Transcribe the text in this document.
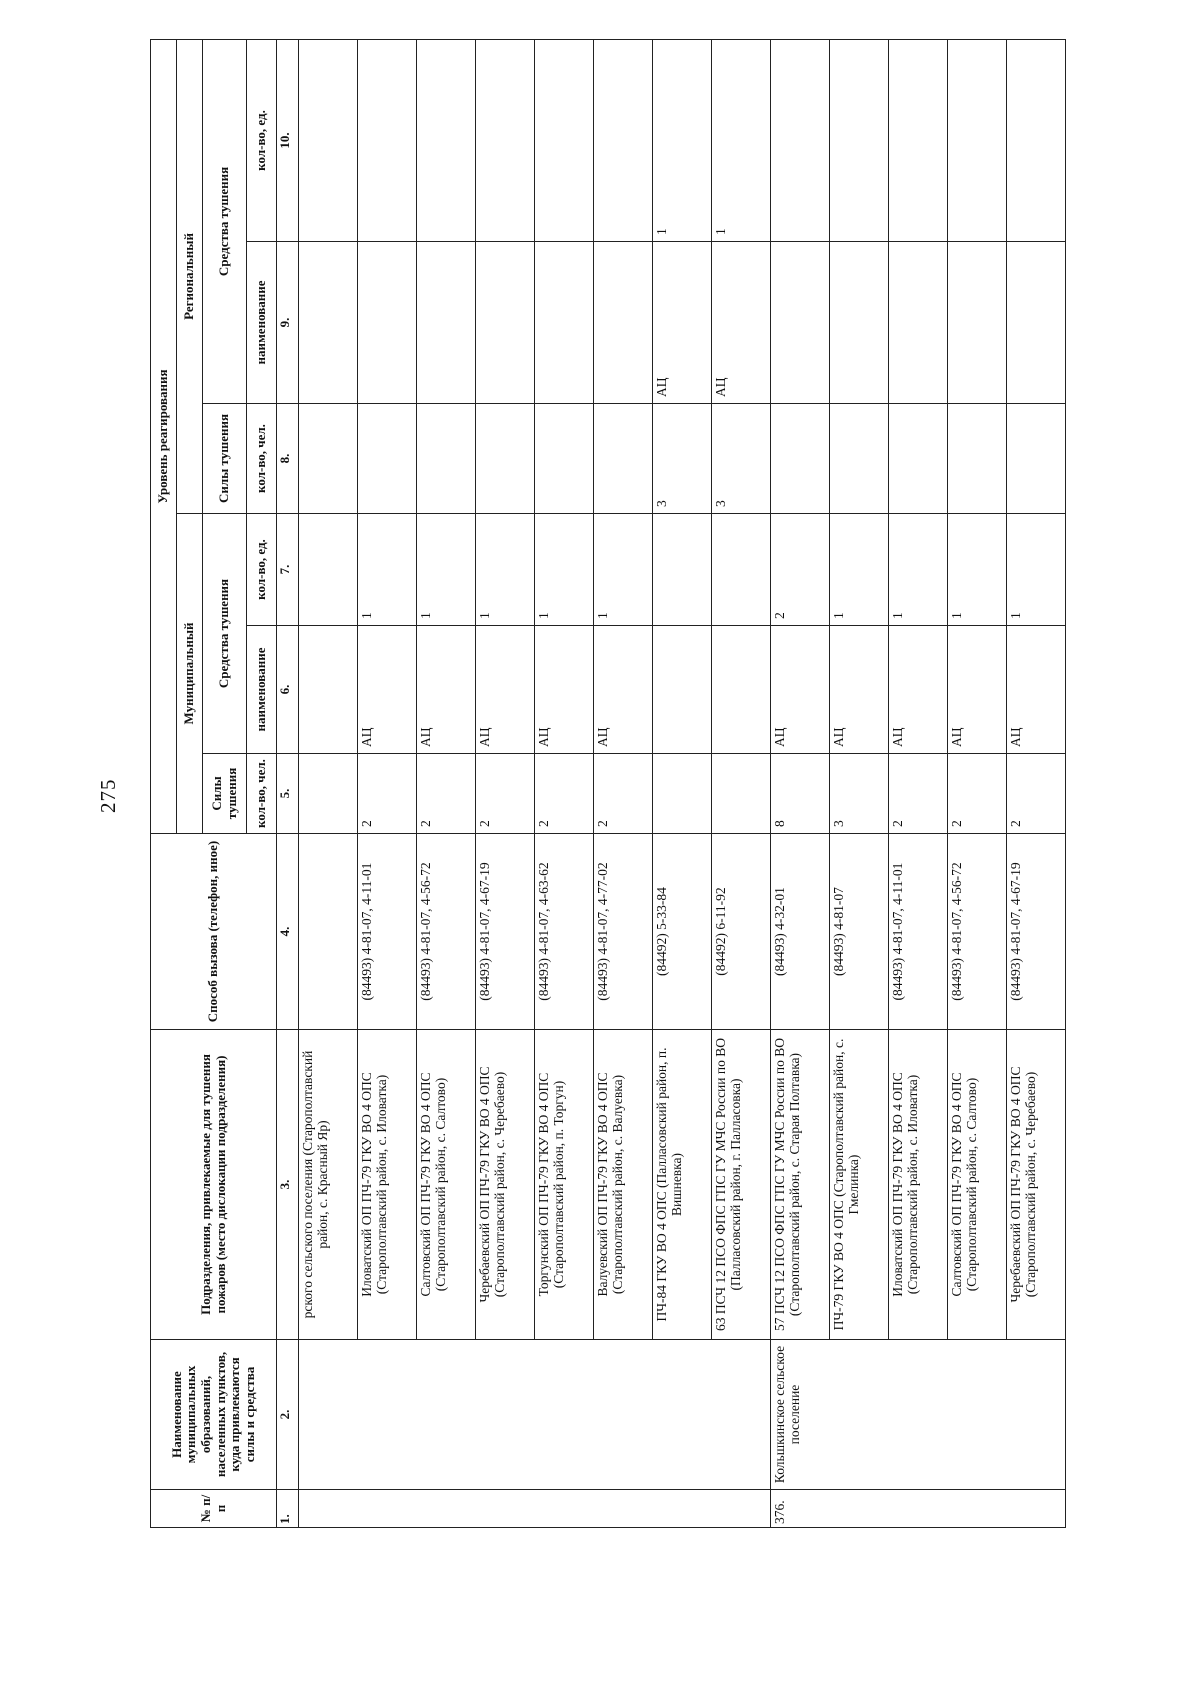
275
№ п/п	Наименование муниципальных образований, населенных пунктов, куда привлекаются силы и средства	Подразделения, привлекаемые для тушения пожаров (место дислокации подразделения)	Способ вызова (телефон, иное)	Уровень реагирования					
				Муниципальный			Региональный		
				Силы тушения	Средства тушения		Силы тушения	Средства тушения	
				кол-во, чел.	наименование	кол-во, ед.	кол-во, чел.	наименование	кол-во, ед.
1.	2.	3.	4.	5.	6.	7.	8.	9.	10.
		рского сельского поселения (Старополтавский район, с. Красный Яр)							
		Иловатский ОП ПЧ-79 ГКУ ВО 4 ОПС (Старополтавский район, с. Иловатка)	(84493) 4-81-07, 4-11-01	2	АЦ	1			
		Салтовский ОП ПЧ-79 ГКУ ВО 4 ОПС (Старополтавский район, с. Салтово)	(84493) 4-81-07, 4-56-72	2	АЦ	1			
		Черебаевский ОП ПЧ-79 ГКУ ВО 4 ОПС (Старополтавский район, с. Черебаево)	(84493) 4-81-07, 4-67-19	2	АЦ	1			
		Торгунский ОП ПЧ-79 ГКУ ВО 4 ОПС (Старополтавский район, п. Торгун)	(84493) 4-81-07, 4-63-62	2	АЦ	1			
		Валуевский ОП ПЧ-79 ГКУ ВО 4 ОПС (Старополтавский район, с. Валуевка)	(84493) 4-81-07, 4-77-02	2	АЦ	1			
		ПЧ-84 ГКУ ВО 4 ОПС (Палласовский район, п. Вишневка)	(84492) 5-33-84				3	АЦ	1
		63 ПСЧ 12 ПСО ФПС ГПС ГУ МЧС России по ВО (Палласовский район, г. Палласовка)	(84492) 6-11-92				3	АЦ	1
376.	Кольшкинское сельское поселение	57 ПСЧ 12 ПСО ФПС ГПС ГУ МЧС России по ВО (Старополтавский район, с. Старая Полтавка)	(84493) 4-32-01	8	АЦ	2			
		ПЧ-79 ГКУ ВО 4 ОПС (Старополтавский район, с. Гмелинка)	(84493) 4-81-07	3	АЦ	1			
		Иловатский ОП ПЧ-79 ГКУ ВО 4 ОПС (Старополтавский район, с. Иловатка)	(84493) 4-81-07, 4-11-01	2	АЦ	1			
		Салтовский ОП ПЧ-79 ГКУ ВО 4 ОПС (Старополтавский район, с. Салтово)	(84493) 4-81-07, 4-56-72	2	АЦ	1			
		Черебаевский ОП ПЧ-79 ГКУ ВО 4 ОПС (Старополтавский район, с. Черебаево)	(84493) 4-81-07, 4-67-19	2	АЦ	1			
